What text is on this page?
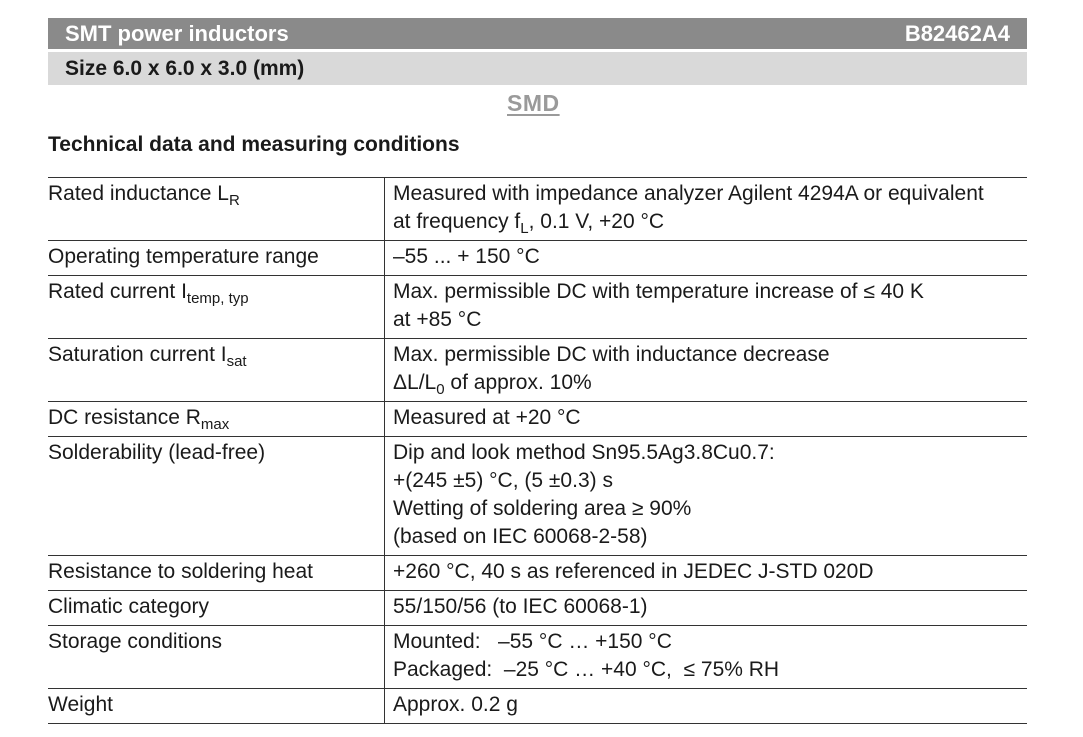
SMT power inductors	B82462A4
Size 6.0 x 6.0 x 3.0 (mm)
SMD
Technical data and measuring conditions
Rated inductance $L_R$	Measured with impedance analyzer Agilent 4294A or equivalent
at frequency $f_L$, 0.1 V, +20 °C

Operating temperature range	–55 ... + 150 °C

Rated current $I_{temp, typ}$	Max. permissible DC with temperature increase of ≤ 40 K
at +85 °C

Saturation current $I_{sat}$	Max. permissible DC with inductance decrease
$\Delta L/L_0$ of approx. 10%

DC resistance $R_{max}$	Measured at +20 °C

Solderability (lead-free)	Dip and look method Sn95.5Ag3.8Cu0.7:
+(245 ±5) °C, (5 ±0.3) s
Wetting of soldering area ≥ 90%
(based on IEC 60068-2-58)

Resistance to soldering heat	+260 °C, 40 s as referenced in JEDEC J-STD 020D

Climatic category	55/150/56 (to IEC 60068-1)

Storage conditions	Mounted:   –55 °C … +150 °C
Packaged:  –25 °C … +40 °C,  ≤ 75% RH

Weight	Approx. 0.2 g
